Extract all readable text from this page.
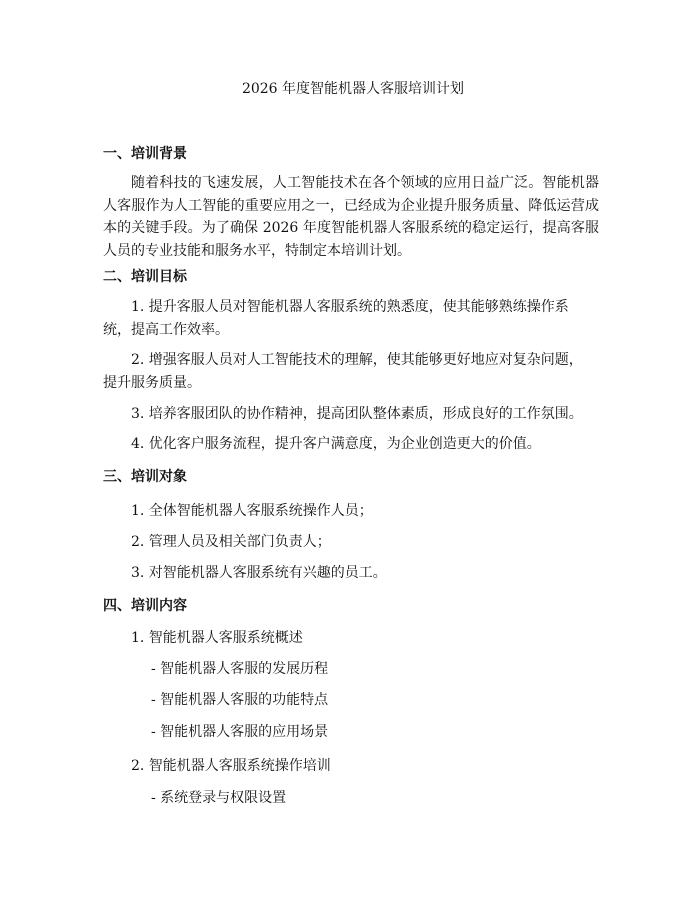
2026 年度智能机器人客服培训计划
一、培训背景
随着科技的飞速发展，人工智能技术在各个领域的应用日益广泛。智能机器人客服作为人工智能的重要应用之一，已经成为企业提升服务质量、降低运营成本的关键手段。为了确保 2026 年度智能机器人客服系统的稳定运行，提高客服人员的专业技能和服务水平，特制定本培训计划。
二、培训目标
1. 提升客服人员对智能机器人客服系统的熟悉度，使其能够熟练操作系统，提高工作效率。
2. 增强客服人员对人工智能技术的理解，使其能够更好地应对复杂问题，提升服务质量。
3. 培养客服团队的协作精神，提高团队整体素质，形成良好的工作氛围。
4. 优化客户服务流程，提升客户满意度，为企业创造更大的价值。
三、培训对象
1. 全体智能机器人客服系统操作人员；
2. 管理人员及相关部门负责人；
3. 对智能机器人客服系统有兴趣的员工。
四、培训内容
1. 智能机器人客服系统概述
- 智能机器人客服的发展历程
- 智能机器人客服的功能特点
- 智能机器人客服的应用场景
2. 智能机器人客服系统操作培训
- 系统登录与权限设置
